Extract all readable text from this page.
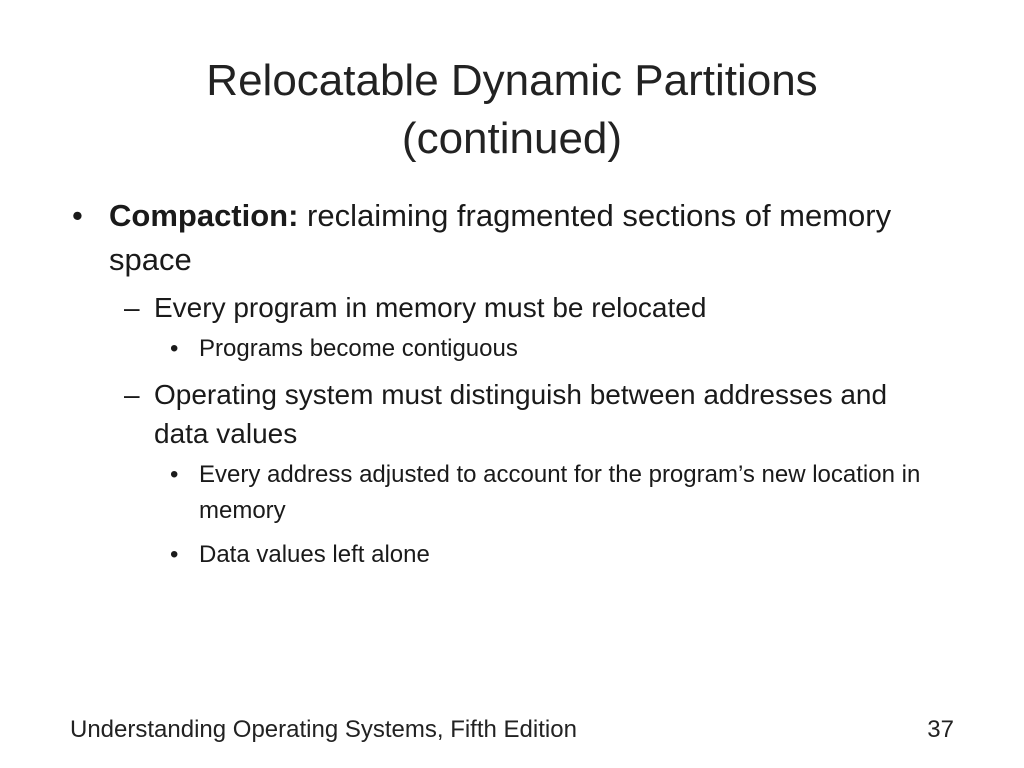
Relocatable Dynamic Partitions
(continued)
• Compaction: reclaiming fragmented sections of memory space
– Every program in memory must be relocated
• Programs become contiguous
– Operating system must distinguish between addresses and data values
• Every address adjusted to account for the program’s new location in memory
• Data values left alone
Understanding Operating Systems, Fifth Edition	37
